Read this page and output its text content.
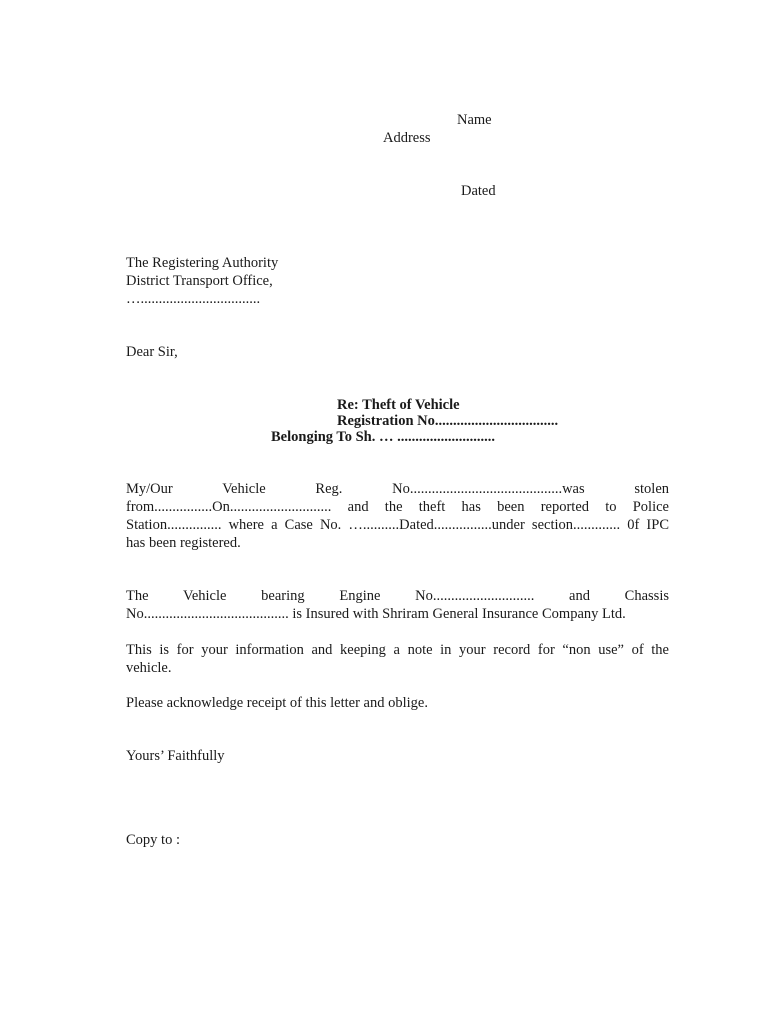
Name
Address
Dated
The Registering Authority
District Transport Office,
….................................
Dear Sir,
Re: Theft of Vehicle
Registration No..................................
Belonging To Sh. … ...........................
My/Our Vehicle Reg. No..........................................was stolen
from................On............................ and the theft has been reported to Police
Station............... where a Case No. …..........Dated................under section............. 0f IPC
has been registered.
The Vehicle bearing Engine No............................ and Chassis
No........................................ is Insured with Shriram General Insurance Company Ltd.
This is for your information and keeping a note in your record for “non use” of the
vehicle.
Please acknowledge receipt of this letter and oblige.
Yours’ Faithfully
Copy to :
